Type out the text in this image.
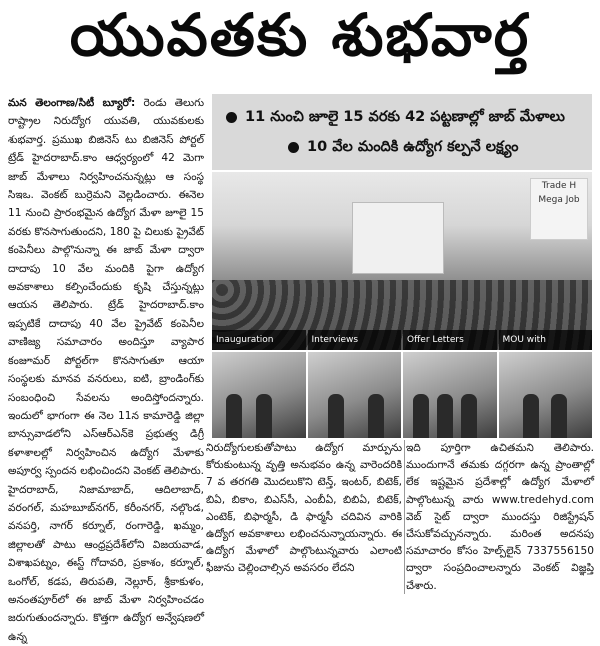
యువతకు శుభవార్త

మన తెలంగాణ/సిటీ బ్యూరో: రెండు తెలుగు రాష్ట్రాల నిరుద్యోగ యువతి, యువకులకు శుభవార్త. ప్రముఖ బిజినెస్ టు బిజినెస్ పోర్టల్ ట్రేడ్ హైదరాబాద్.కాం ఆధ్వర్యంలో 42 మెగా జాబ్ మేళాలు నిర్వహించనున్నట్లు ఆ సంస్థ సిఇఒ. వెంకట్ బుర్రెమని వెల్లడించారు. ఈనెల 11 నుంచి ప్రారంభమైన ఉద్యోగ మేళా జూలై 15 వరకు కొనసాగుతుందని, 180 పై చిలుకు ప్రైవేట్ కంపెనీలు పాల్గొనున్నా ఈ జాబ్ మేళా ద్వారా దాదాపు 10 వేల మందికి పైగా ఉద్యోగ అవకాశాలు కల్పించేందుకు కృషి చేస్తున్నట్లు ఆయన తెలిపారు. ట్రేడ్ హైదరాబాద్.కాం ఇప్పటికే దాదాపు 40 వేల ప్రైవేట్ కంపెనీల వాణిజ్య సమాచారం అందిస్తూ వ్యాపార కంజూమర్ పోర్టల్‌గా కొనసాగుతూ ఆయా సంస్థలకు మానవ వనరులు, ఐటి, బ్రాండింగ్‌కు సంబంధించి సేవలను అందిస్తోందన్నారు. ఇందులో భాగంగా ఈ నెల 11న కామారెడ్డి జిల్లా బాన్సువాడలోని ఎస్‌ఆర్‌ఎన్‌కె ప్రభుత్వ డిగ్రీ కళాశాలల్లో నిర్వహించిన ఉద్యోగ మేళాకు అపూర్వ స్పందన లభించిందని వెంకట్ తెలిపారు. హైదరాబాద్, నిజామాబాద్, ఆదిలాబాద్, వరంగల్, మహబూబ్‌నగర్, కరీంనగర్, నల్గొండ, వనపర్తి, నాగర్ కర్నూల్, రంగారెడ్డి, ఖమ్మం, జిల్లాలతో పాటు ఆంధ్రప్రదేశ్‌లోని విజయవాడ, విశాఖపట్నం, ఈస్ట్ గోదావరి, ప్రకాశం, కర్నూల్, ఒంగోల్, కడప, తిరుపతి, నెల్లూర్, శ్రీకాకుళం, అనంతపూర్‌లో ఈ జాబ్ మేళా నిర్వహించడం జరుగుతుందన్నారు. కొత్తగా ఉద్యోగ అన్వేషణలో ఉన్న

11 నుంచి జూలై 15 వరకు 42 పట్టణాల్లో జాబ్ మేళాలు
10 వేల మందికి ఉద్యోగ కల్పనే లక్ష్యం
Trade H Mega Job
Inauguration	Interviews	Offer Letters	MOU with

నిరుద్యోగులకుతోపాటు ఉద్యోగ మార్పును కోరుకుంటున్న వృత్తి అనుభవం ఉన్న వారెందరికి 7 వ తరగతి మొదలుకొని టెన్త్, ఇంటర్, బిటెక్, బిఏ, బికాం, బిఎస్‌సీ, ఎంబీఏ, బిబిఏ, బిటెక్, ఎంటెక్, బిఫార్మసీ, డి ఫార్మసీ చదివిన వారికి ఉద్యోగ అవకాశాలు లభించనున్నాయన్నారు. ఈ ఉద్యోగ మేళాలో పాల్గొంటున్నవారు ఎలాంటి ఫీజును చెల్లించాల్సిన అవసరం లేదని

ఇది పూర్తిగా ఉచితమని తెలిపారు. ముందుగానే తమకు దగ్గరగా ఉన్న ప్రాంతాల్లో లేక ఇష్టమైన ప్రదేశాల్లో ఉద్యోగ మేళాలో పాల్గొంటున్న వారు www.tredehyd.com వెబ్ సైట్ ద్వారా ముందస్తు రిజిస్ట్రేషన్ చేసుకోవచ్చునన్నారు. మరింత అదనపు సమాచారం కోసం హెల్ప్‌లైన్ 7337556150 ద్వారా సంప్రదించాలన్నారు వెంకట్ విజ్ఞప్తి చేశారు.
